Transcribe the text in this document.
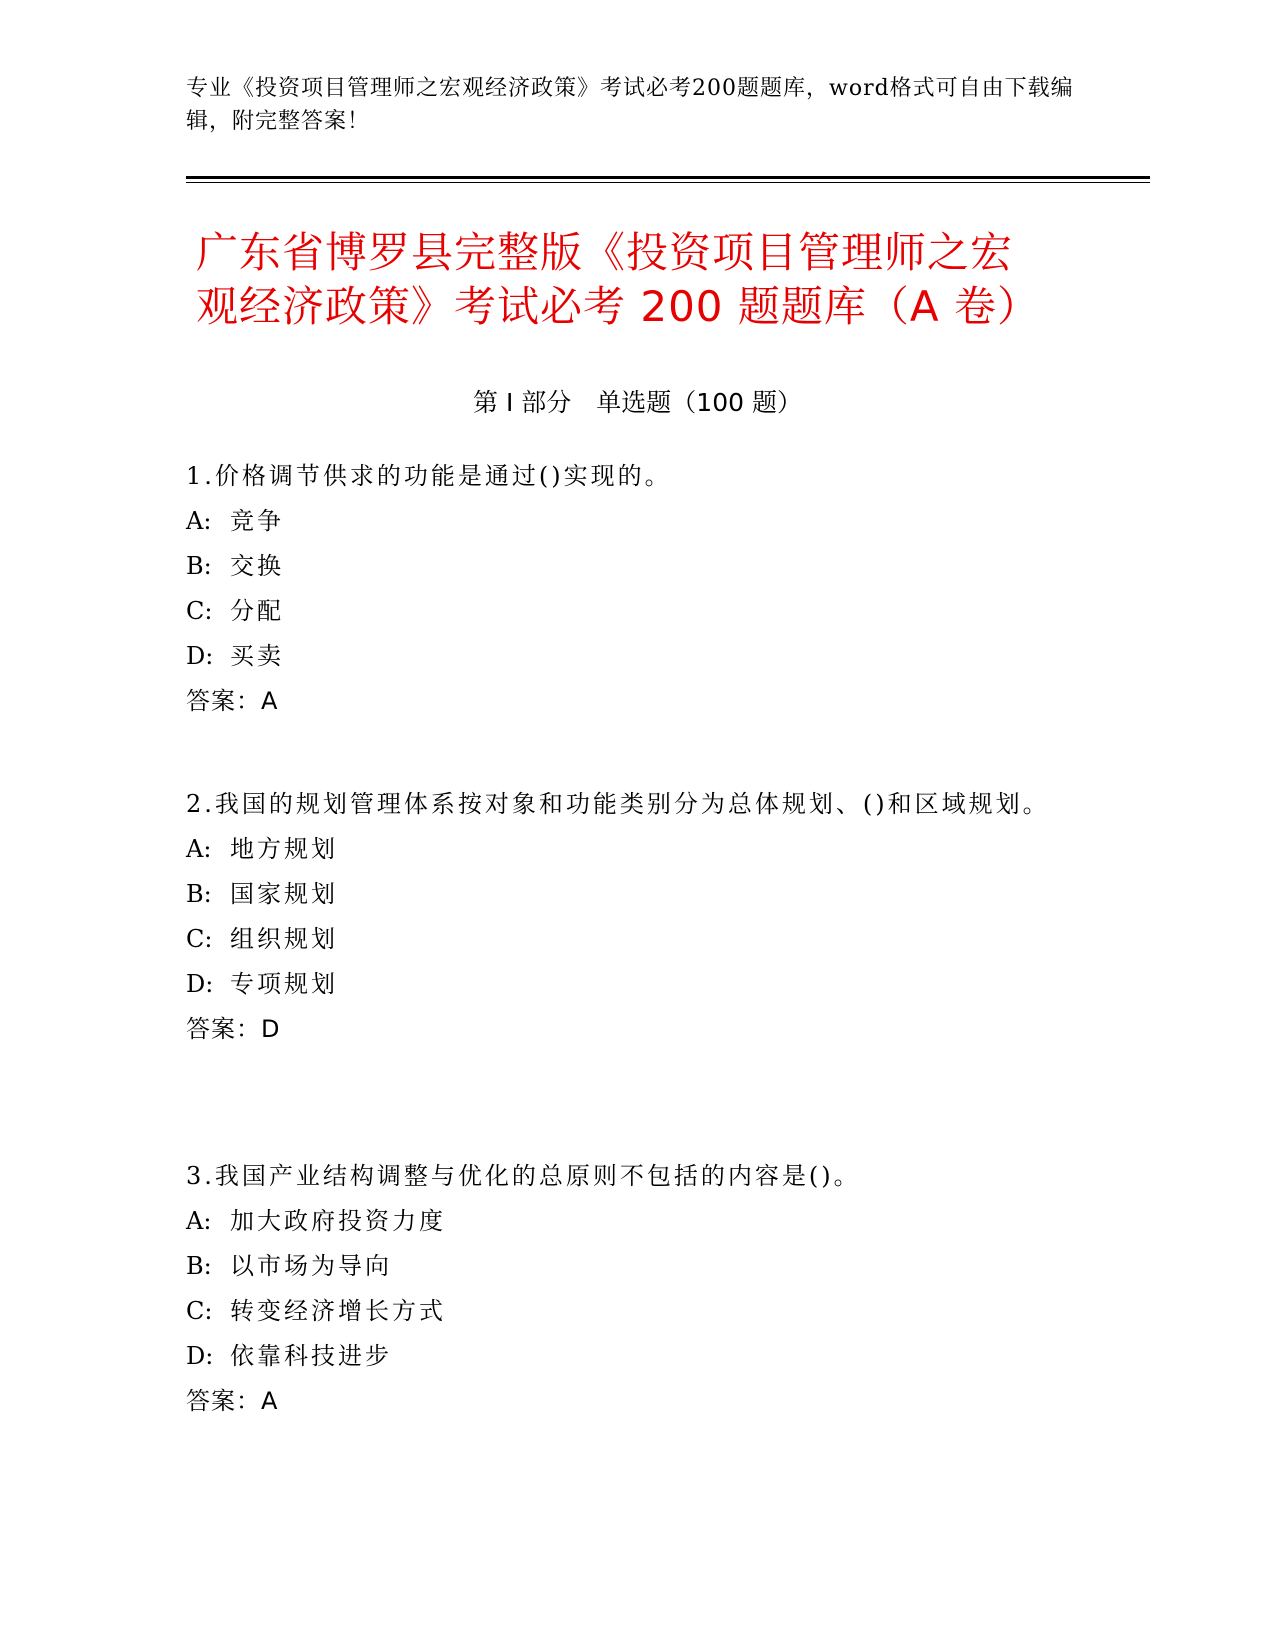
专业《投资项目管理师之宏观经济政策》考试必考200题题库，word格式可自由下载编辑，附完整答案！
广东省博罗县完整版《投资项目管理师之宏
观经济政策》考试必考 200 题题库（A 卷）
第 I 部分　单选题（100 题）
1.价格调节供求的功能是通过()实现的。
A: 竞争
B: 交换
C: 分配
D: 买卖
答案：A
2.我国的规划管理体系按对象和功能类别分为总体规划、()和区域规划。
A: 地方规划
B: 国家规划
C: 组织规划
D: 专项规划
答案：D
3.我国产业结构调整与优化的总原则不包括的内容是()。
A: 加大政府投资力度
B: 以市场为导向
C: 转变经济增长方式
D: 依靠科技进步
答案：A
